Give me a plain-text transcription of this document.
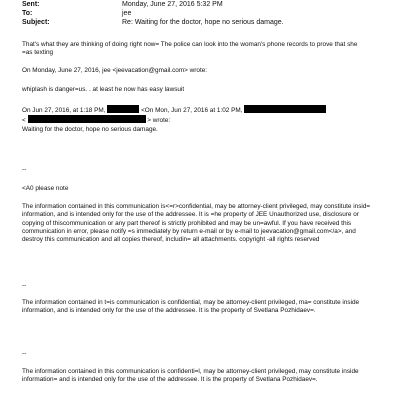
Sent:	Monday, June 27, 2016 5:32 PM
To:	jee
Subject:	Re: Waiting for the doctor, hope no serious damage.

That's what they are thinking of doing right now= The police can look into the woman's phone records to prove that she

=as texting

On Monday, June 27, 2016, jee <jeevacation@gmail.com> wrote:

whiplash is danger=us. . at least he now has easy lawsuit

On Jun 27, 2016, at 1:18 PM,	<On Mon, Jun 27, 2016 at 1:02 PM,
<	> wrote:

Waiting for the doctor, hope no serious damage.

--

<A0 please note

The information contained in this communication is<=r>confidential, may be attorney-client privileged, may constitute insid= information, and is intended only for the use of the addressee. It is =he property of JEE Unauthorized use, disclosure or copying of thiscommunication or any part thereof is strictly prohibited and may be un=awful. If you have received this communication in error, please notify =s immediately by return e-mail or by e-mail to jeevacation@gmail.com</a>, and destroy this communication and all copies thereof, includin= all attachments. copyright -all rights reserved

--

The information contained in t=is communication is confidential, may be attorney-client privileged, ma= constitute inside information, and is intended only for the use of the addressee. It is the property of Svetlana Pozhidaev=.

--

The information contained in this communication is confidenti=l, may be attorney-client privileged, may constitute inside information= and is intended only for the use of the addressee. It is the property of Svetlana Pozhidaev=.
